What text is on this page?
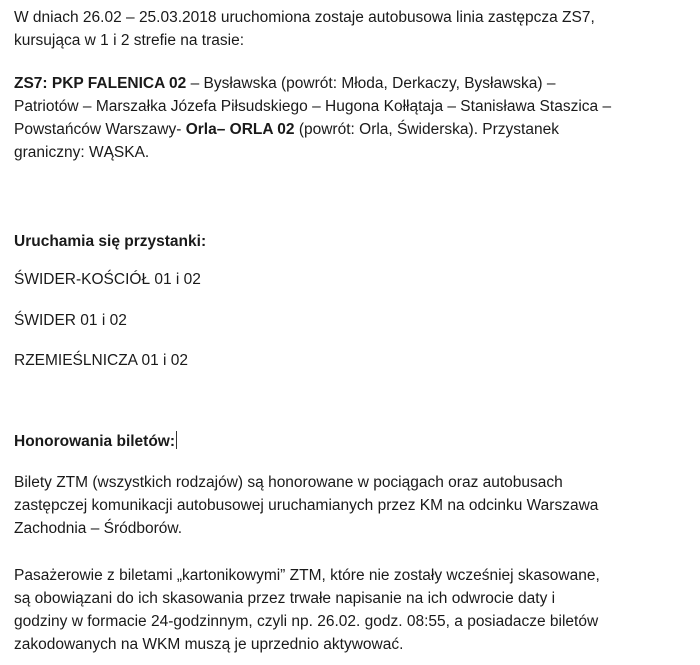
W dniach 26.02 – 25.03.2018 uruchomiona zostaje autobusowa linia zastępcza ZS7,
kursująca w 1 i 2 strefie na trasie:

ZS7: PKP FALENICA 02 – Bysławska (powrót: Młoda, Derkaczy, Bysławska) –
Patriotów – Marszałka Józefa Piłsudskiego – Hugona Kołłątaja – Stanisława Staszica –
Powstańców Warszawy- Orla– ORLA 02 (powrót: Orla, Świderska). Przystanek
graniczny: WĄSKA.

Uruchamia się przystanki:

ŚWIDER-KOŚCIÓŁ 01 i 02

ŚWIDER 01 i 02

RZEMIEŚLNICZA 01 i 02

Honorowania biletów:

Bilety ZTM (wszystkich rodzajów) są honorowane w pociągach oraz autobusach
zastępczej komunikacji autobusowej uruchamianych przez KM na odcinku Warszawa
Zachodnia – Śródborów.

Pasażerowie z biletami „kartonikowymi” ZTM, które nie zostały wcześniej skasowane,
są obowiązani do ich skasowania przez trwałe napisanie na ich odwrocie daty i
godziny w formacie 24-godzinnym, czyli np. 26.02. godz. 08:55, a posiadacze biletów
zakodowanych na WKM muszą je uprzednio aktywować.
